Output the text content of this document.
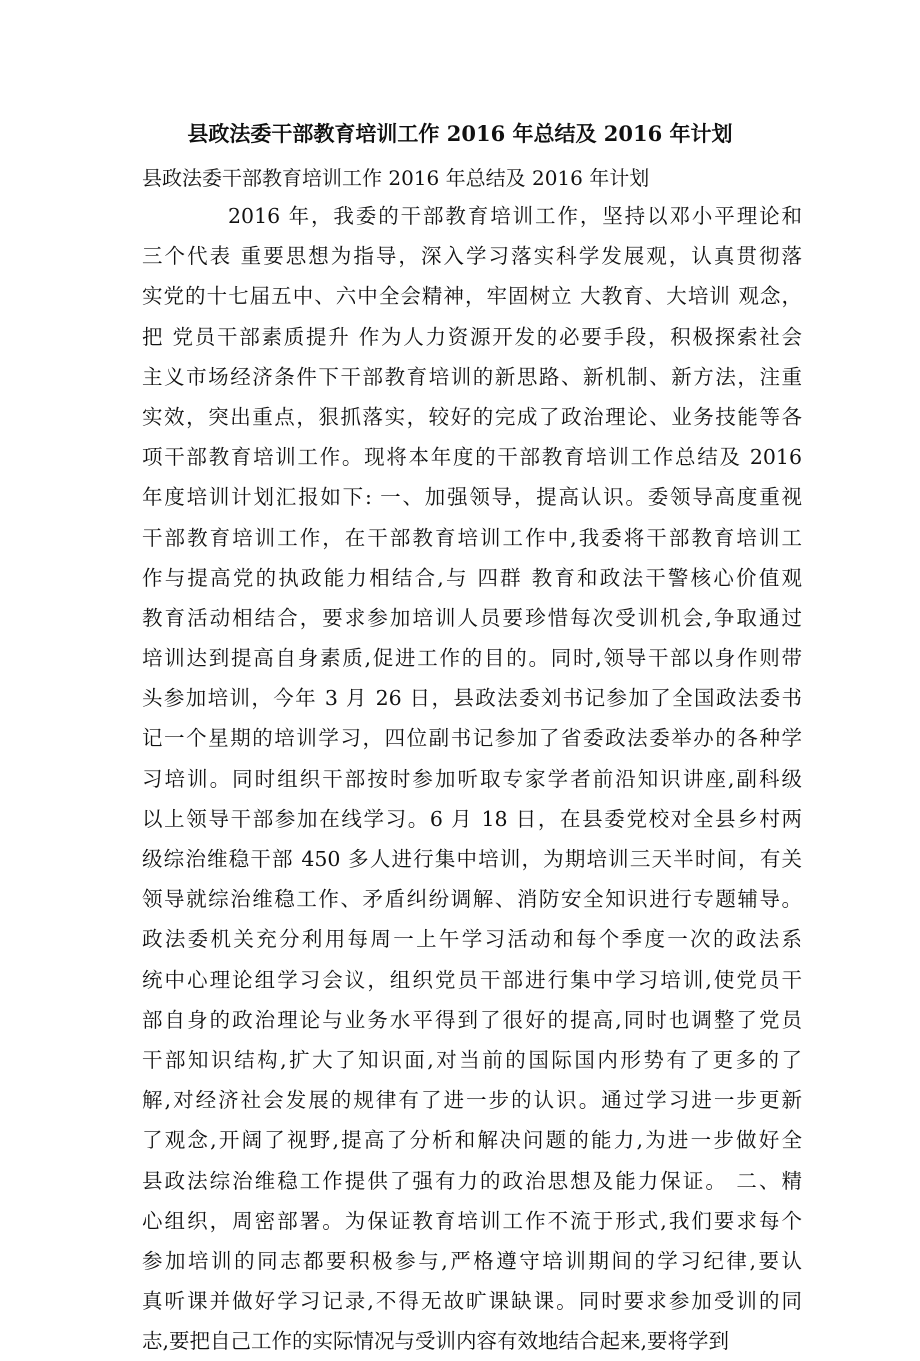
县政法委干部教育培训工作 2016 年总结及 2016 年计划
县政法委干部教育培训工作 2016 年总结及 2016 年计划
2016 年，我委的干部教育培训工作，坚持以邓小平理论和
三个代表 重要思想为指导，深入学习落实科学发展观，认真贯彻落
实党的十七届五中、六中全会精神，牢固树立 大教育、大培训 观念，
把 党员干部素质提升 作为人力资源开发的必要手段，积极探索社会
主义市场经济条件下干部教育培训的新思路、新机制、新方法，注重
实效，突出重点，狠抓落实，较好的完成了政治理论、业务技能等各
项干部教育培训工作。现将本年度的干部教育培训工作总结及 2016
年度培训计划汇报如下: 一、加强领导，提高认识。委领导高度重视
干部教育培训工作，在干部教育培训工作中,我委将干部教育培训工
作与提高党的执政能力相结合,与 四群 教育和政法干警核心价值观
教育活动相结合，要求参加培训人员要珍惜每次受训机会,争取通过
培训达到提高自身素质,促进工作的目的。同时,领导干部以身作则带
头参加培训，今年 3 月 26 日，县政法委刘书记参加了全国政法委书
记一个星期的培训学习，四位副书记参加了省委政法委举办的各种学
习培训。同时组织干部按时参加听取专家学者前沿知识讲座,副科级
以上领导干部参加在线学习。6 月 18 日，在县委党校对全县乡村两
级综治维稳干部 450 多人进行集中培训，为期培训三天半时间，有关
领导就综治维稳工作、矛盾纠纷调解、消防安全知识进行专题辅导。
政法委机关充分利用每周一上午学习活动和每个季度一次的政法系
统中心理论组学习会议，组织党员干部进行集中学习培训,使党员干
部自身的政治理论与业务水平得到了很好的提高,同时也调整了党员
干部知识结构,扩大了知识面,对当前的国际国内形势有了更多的了
解,对经济社会发展的规律有了进一步的认识。通过学习进一步更新
了观念,开阔了视野,提高了分析和解决问题的能力,为进一步做好全
县政法综治维稳工作提供了强有力的政治思想及能力保证。 二、精
心组织，周密部署。为保证教育培训工作不流于形式,我们要求每个
参加培训的同志都要积极参与,严格遵守培训期间的学习纪律,要认
真听课并做好学习记录,不得无故旷课缺课。同时要求参加受训的同
志,要把自己工作的实际情况与受训内容有效地结合起来,要将学到
